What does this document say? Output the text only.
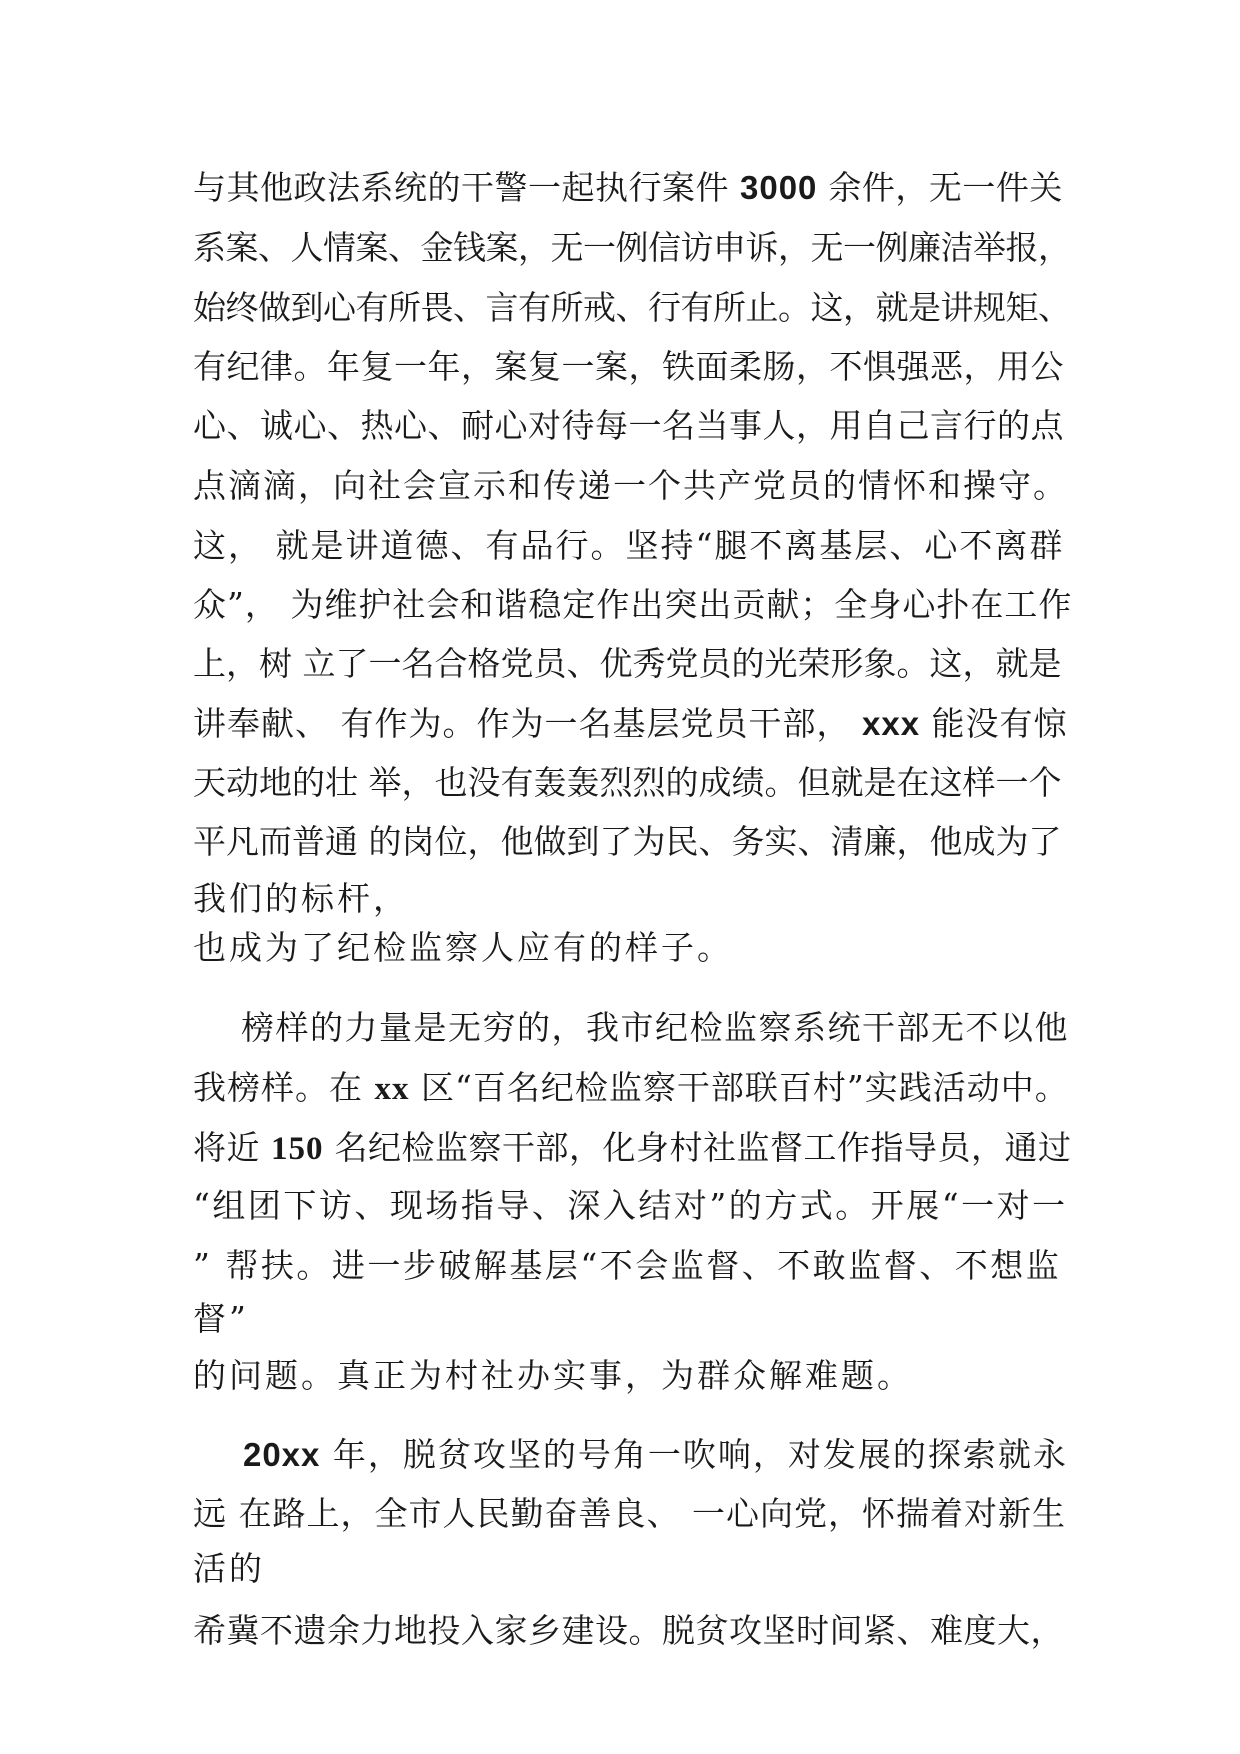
与其他政法系统的干警一起执行案件 3000 余件，无一件关
系案、人情案、金钱案，无一例信访申诉，无一例廉洁举报，
始终做到心有所畏、言有所戒、行有所止。这，就是讲规矩、
有纪律。年复一年，案复一案，铁面柔肠，不惧强恶，用公
心、诚心、热心、耐心对待每一名当事人，用自己言行的点
点滴滴，向社会宣示和传递一个共产党员的情怀和操守。
这， 就是讲道德、有品行。坚持“腿不离基层、心不离群
众”， 为维护社会和谐稳定作出突出贡献；全身心扑在工作
上，树 立了一名合格党员、优秀党员的光荣形象。这，就是
讲奉献、 有作为。作为一名基层党员干部， xxx 能没有惊
天动地的壮 举，也没有轰轰烈烈的成绩。但就是在这样一个
平凡而普通 的岗位，他做到了为民、务实、清廉，他成为了
我们的标杆，
也成为了纪检监察人应有的样子。
榜样的力量是无穷的，我市纪检监察系统干部无不以他
我榜样。在 xx 区“百名纪检监察干部联百村”实践活动中。
将近 150 名纪检监察干部，化身村社监督工作指导员，通过
“组团下访、现场指导、深入结对”的方式。开展“一对一
” 帮扶。进一步破解基层“不会监督、不敢监督、不想监
督”
的问题。真正为村社办实事，为群众解难题。
20xx 年，脱贫攻坚的号角一吹响，对发展的探索就永
远 在路上，全市人民勤奋善良、 一心向党，怀揣着对新生
活的
希冀不遗余力地投入家乡建设。脱贫攻坚时间紧、难度大，
